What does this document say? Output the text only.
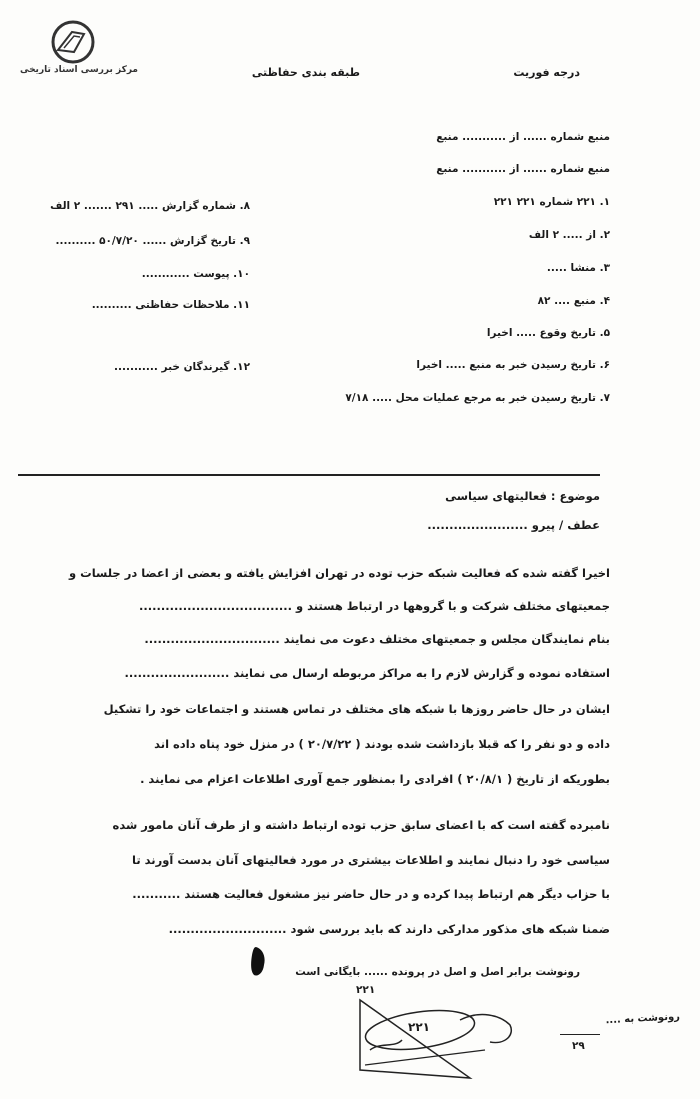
مرکز بررسی اسناد تاریخی	درجه فوریت
طبقه بندی حفاظتی
منبع شماره ...... از ........... منبع
منبع شماره ...... از ........... منبع
۱. ۲۲۱ شماره ۲۲۱ ۲۲۱
۲. از ..... ۲ الف
۳. منشا .....
۴. منبع .... ۸۲
۵. تاریخ وقوع ..... اخیرا
۶. تاریخ رسیدن خبر به منبع ..... اخیرا
۷. تاریخ رسیدن خبر به مرجع عملیات محل ..... ۷/۱۸
۸. شماره گزارش ..... ۲۹۱ ....... ۲ الف
۹. تاریخ گزارش ...... ۵۰/۷/۲۰ ..........
۱۰. پیوست ............
۱۱. ملاحظات حفاظتی ..........
۱۲. گیرندگان خبر ...........
موضوع : فعالیتهای سیاسی
عطف / پیرو .......................
اخیرا گفته شده که فعالیت شبکه حزب توده در تهران افزایش یافته و بعضی از اعضا در جلسات و
جمعیتهای مختلف شرکت و با گروهها در ارتباط هستند و ...................................
بنام نمایندگان مجلس و جمعیتهای مختلف دعوت می نمایند ...............................
استفاده نموده و گزارش لازم را به مراکز مربوطه ارسال می نمایند ........................
ایشان در حال حاضر روزها با شبکه های مختلف در تماس هستند و اجتماعات خود را تشکیل
داده و دو نفر را که قبلا بازداشت شده بودند ( ۲۰/۷/۲۲ ) در منزل خود پناه داده اند
بطوریکه از تاریخ ( ۲۰/۸/۱ ) افرادی را بمنظور جمع آوری اطلاعات اعزام می نمایند .
نامبرده گفته است که با اعضای سابق حزب توده ارتباط داشته و از طرف آنان مامور شده
سیاسی خود را دنبال نمایند و اطلاعات بیشتری در مورد فعالیتهای آنان بدست آورند تا
با حزاب دیگر هم ارتباط پیدا کرده و در حال حاضر نیز مشغول فعالیت هستند ...........
ضمنا شبکه های مذکور مدارکی دارند که باید بررسی شود ...........................
رونوشت برابر اصل و اصل در پرونده ...... بایگانی است
۲۲۱
۲۲۱
رونوشت به ....
۲۹
